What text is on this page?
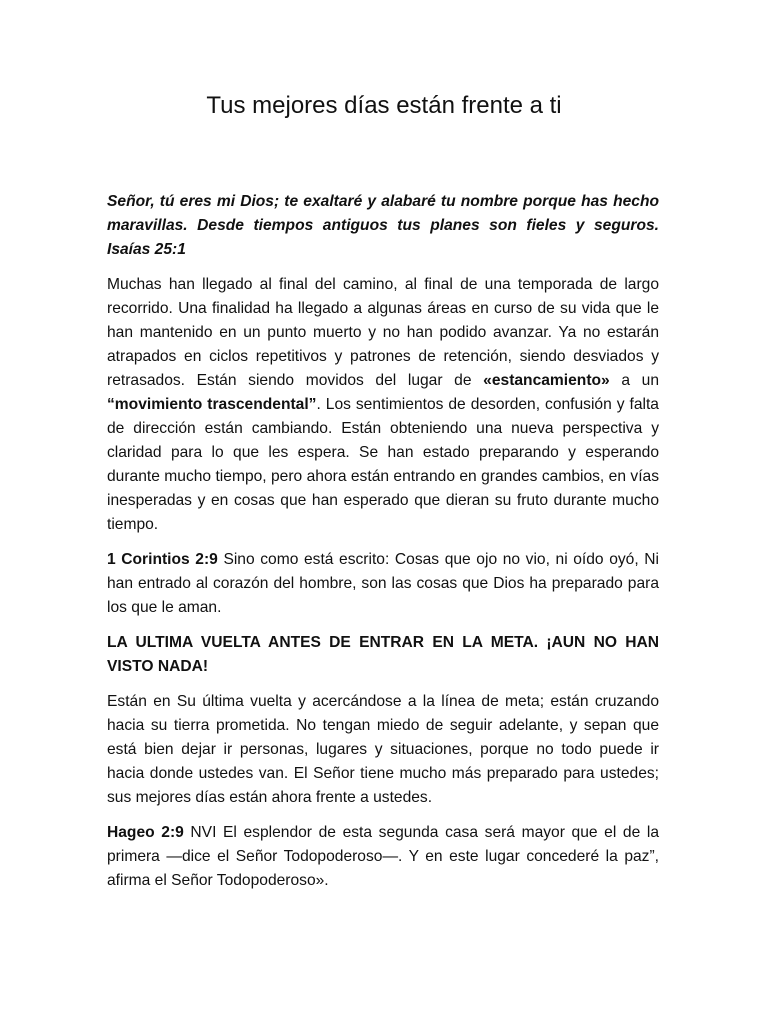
Tus mejores días están frente a ti

Señor, tú eres mi Dios; te exaltaré y alabaré tu nombre porque has hecho maravillas. Desde tiempos antiguos tus planes son fieles y seguros. Isaías 25:1

Muchas han llegado al final del camino, al final de una temporada de largo recorrido. Una finalidad ha llegado a algunas áreas en curso de su vida que le han mantenido en un punto muerto y no han podido avanzar. Ya no estarán atrapados en ciclos repetitivos y patrones de retención, siendo desviados y retrasados. Están siendo movidos del lugar de «estancamiento» a un “movimiento trascendental”. Los sentimientos de desorden, confusión y falta de dirección están cambiando. Están obteniendo una nueva perspectiva y claridad para lo que les espera. Se han estado preparando y esperando durante mucho tiempo, pero ahora están entrando en grandes cambios, en vías inesperadas y en cosas que han esperado que dieran su fruto durante mucho tiempo.

1 Corintios 2:9 Sino como está escrito: Cosas que ojo no vio, ni oído oyó, Ni han entrado al corazón del hombre, son las cosas que Dios ha preparado para los que le aman.

LA ULTIMA VUELTA ANTES DE ENTRAR EN LA META. ¡AUN NO HAN VISTO NADA!

Están en Su última vuelta y acercándose a la línea de meta; están cruzando hacia su tierra prometida. No tengan miedo de seguir adelante, y sepan que está bien dejar ir personas, lugares y situaciones, porque no todo puede ir hacia donde ustedes van. El Señor tiene mucho más preparado para ustedes; sus mejores días están ahora frente a ustedes.

Hageo 2:9 NVI El esplendor de esta segunda casa será mayor que el de la primera —dice el Señor Todopoderoso—. Y en este lugar concederé la paz”, afirma el Señor Todopoderoso».
